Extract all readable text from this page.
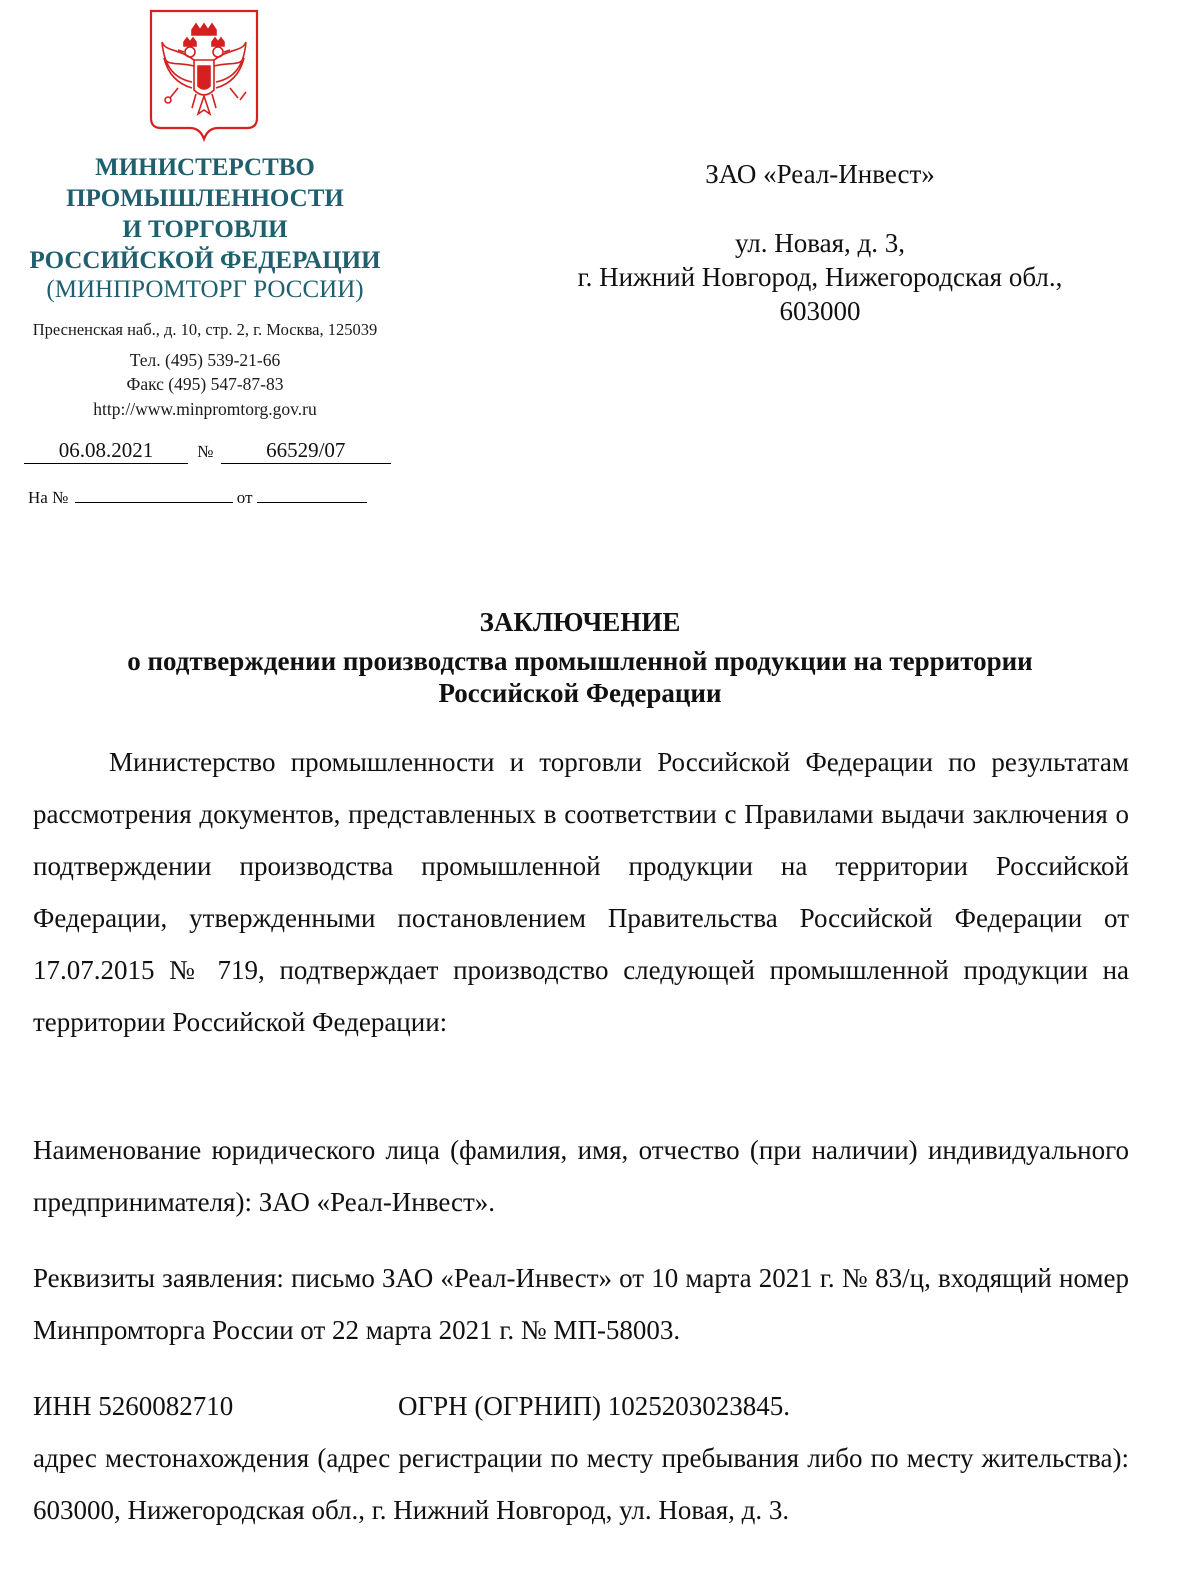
МИНИСТЕРСТВО
ПРОМЫШЛЕННОСТИ
И ТОРГОВЛИ
РОССИЙСКОЙ ФЕДЕРАЦИИ
(МИНПРОМТОРГ РОССИИ)
Пресненская наб., д. 10, стр. 2, г. Москва, 125039
Тел. (495) 539-21-66
Факс (495) 547-87-83
http://www.minpromtorg.gov.ru
06.08.2021	№	66529/07
На №	от
ЗАО «Реал-Инвест»
ул. Новая, д. 3,
г. Нижний Новгород, Нижегородская обл.,
603000
ЗАКЛЮЧЕНИЕ
о подтверждении производства промышленной продукции на территории
Российской Федерации

Министерство промышленности и торговли Российской Федерации по результатам рассмотрения документов, представленных в соответствии с Правилами выдачи заключения о подтверждении производства промышленной продукции на территории Российской Федерации, утвержденными постановлением Правительства Российской Федерации от 17.07.2015 № 719, подтверждает производство следующей промышленной продукции на территории Российской Федерации:

Наименование юридического лица (фамилия, имя, отчество (при наличии) индивидуального предпринимателя): ЗАО «Реал-Инвест».

Реквизиты заявления: письмо ЗАО «Реал-Инвест» от 10 марта 2021 г. № 83/ц, входящий номер Минпромторга России от 22 марта 2021 г. № МП-58003.

ИНН 5260082710	ОГРН (ОГРНИП) 1025203023845.

адрес местонахождения (адрес регистрации по месту пребывания либо по месту жительства): 603000, Нижегородская обл., г. Нижний Новгород, ул. Новая, д. 3.
